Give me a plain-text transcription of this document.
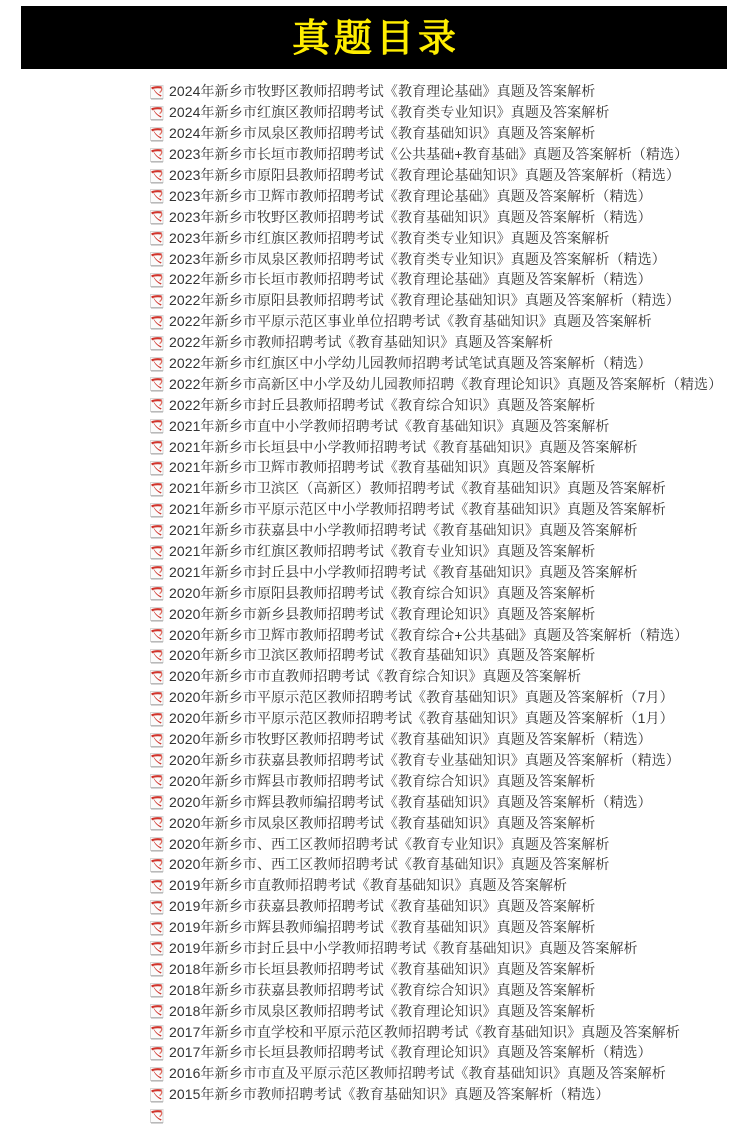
真题目录
2024年新乡市牧野区教师招聘考试《教育理论基础》真题及答案解析
2024年新乡市红旗区教师招聘考试《教育类专业知识》真题及答案解析
2024年新乡市凤泉区教师招聘考试《教育基础知识》真题及答案解析
2023年新乡市长垣市教师招聘考试《公共基础+教育基础》真题及答案解析（精选）
2023年新乡市原阳县教师招聘考试《教育理论基础知识》真题及答案解析（精选）
2023年新乡市卫辉市教师招聘考试《教育理论基础》真题及答案解析（精选）
2023年新乡市牧野区教师招聘考试《教育基础知识》真题及答案解析（精选）
2023年新乡市红旗区教师招聘考试《教育类专业知识》真题及答案解析
2023年新乡市凤泉区教师招聘考试《教育类专业知识》真题及答案解析（精选）
2022年新乡市长垣市教师招聘考试《教育理论基础》真题及答案解析（精选）
2022年新乡市原阳县教师招聘考试《教育理论基础知识》真题及答案解析（精选）
2022年新乡市平原示范区事业单位招聘考试《教育基础知识》真题及答案解析
2022年新乡市教师招聘考试《教育基础知识》真题及答案解析
2022年新乡市红旗区中小学幼儿园教师招聘考试笔试真题及答案解析（精选）
2022年新乡市高新区中小学及幼儿园教师招聘《教育理论知识》真题及答案解析（精选）
2022年新乡市封丘县教师招聘考试《教育综合知识》真题及答案解析
2021年新乡市直中小学教师招聘考试《教育基础知识》真题及答案解析
2021年新乡市长垣县中小学教师招聘考试《教育基础知识》真题及答案解析
2021年新乡市卫辉市教师招聘考试《教育基础知识》真题及答案解析
2021年新乡市卫滨区（高新区）教师招聘考试《教育基础知识》真题及答案解析
2021年新乡市平原示范区中小学教师招聘考试《教育基础知识》真题及答案解析
2021年新乡市获嘉县中小学教师招聘考试《教育基础知识》真题及答案解析
2021年新乡市红旗区教师招聘考试《教育专业知识》真题及答案解析
2021年新乡市封丘县中小学教师招聘考试《教育基础知识》真题及答案解析
2020年新乡市原阳县教师招聘考试《教育综合知识》真题及答案解析
2020年新乡市新乡县教师招聘考试《教育理论知识》真题及答案解析
2020年新乡市卫辉市教师招聘考试《教育综合+公共基础》真题及答案解析（精选）
2020年新乡市卫滨区教师招聘考试《教育基础知识》真题及答案解析
2020年新乡市市直教师招聘考试《教育综合知识》真题及答案解析
2020年新乡市平原示范区教师招聘考试《教育基础知识》真题及答案解析（7月）
2020年新乡市平原示范区教师招聘考试《教育基础知识》真题及答案解析（1月）
2020年新乡市牧野区教师招聘考试《教育基础知识》真题及答案解析（精选）
2020年新乡市获嘉县教师招聘考试《教育专业基础知识》真题及答案解析（精选）
2020年新乡市辉县市教师招聘考试《教育综合知识》真题及答案解析
2020年新乡市辉县教师编招聘考试《教育基础知识》真题及答案解析（精选）
2020年新乡市凤泉区教师招聘考试《教育基础知识》真题及答案解析
2020年新乡市、西工区教师招聘考试《教育专业知识》真题及答案解析
2020年新乡市、西工区教师招聘考试《教育基础知识》真题及答案解析
2019年新乡市直教师招聘考试《教育基础知识》真题及答案解析
2019年新乡市获嘉县教师招聘考试《教育基础知识》真题及答案解析
2019年新乡市辉县教师编招聘考试《教育基础知识》真题及答案解析
2019年新乡市封丘县中小学教师招聘考试《教育基础知识》真题及答案解析
2018年新乡市长垣县教师招聘考试《教育基础知识》真题及答案解析
2018年新乡市获嘉县教师招聘考试《教育综合知识》真题及答案解析
2018年新乡市凤泉区教师招聘考试《教育理论知识》真题及答案解析
2017年新乡市直学校和平原示范区教师招聘考试《教育基础知识》真题及答案解析
2017年新乡市长垣县教师招聘考试《教育理论知识》真题及答案解析（精选）
2016年新乡市市直及平原示范区教师招聘考试《教育基础知识》真题及答案解析
2015年新乡市教师招聘考试《教育基础知识》真题及答案解析（精选）
